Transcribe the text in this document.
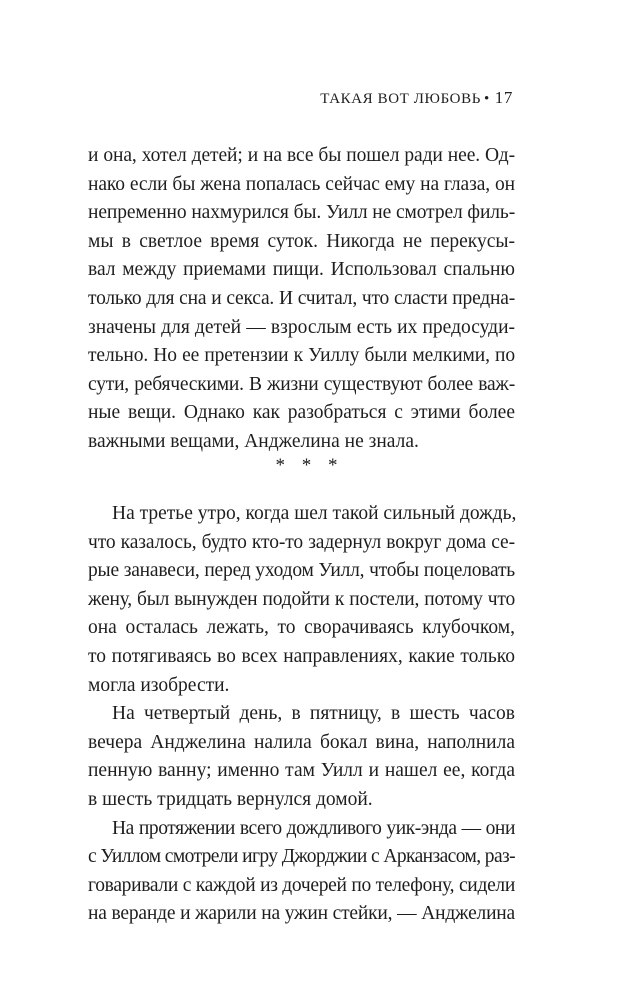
ТАКАЯ ВОТ ЛЮБОВЬ • 17
и она, хотел детей; и на все бы пошел ради нее. Од-
нако если бы жена попалась сейчас ему на глаза, он
непременно нахмурился бы. Уилл не смотрел филь-
мы в светлое время суток. Никогда не перекусы-
вал между приемами пищи. Использовал спальню
только для сна и секса. И считал, что сласти предна-
значены для детей — взрослым есть их предосуди-
тельно. Но ее претензии к Уиллу были мелкими, по
сути, ребяческими. В жизни существуют более важ-
ные вещи. Однако как разобраться с этими более
важными вещами, Анджелина не знала.
* * *
На третье утро, когда шел такой сильный дождь,
что казалось, будто кто-то задернул вокруг дома се-
рые занавеси, перед уходом Уилл, чтобы поцеловать
жену, был вынужден подойти к постели, потому что
она осталась лежать, то сворачиваясь клубочком,
то потягиваясь во всех направлениях, какие только
могла изобрести.
На четвертый день, в пятницу, в шесть часов
вечера Анджелина налила бокал вина, наполнила
пенную ванну; именно там Уилл и нашел ее, когда
в шесть тридцать вернулся домой.
На протяжении всего дождливого уик-энда — они
с Уиллом смотрели игру Джорджии с Арканзасом, раз-
говаривали с каждой из дочерей по телефону, сидели
на веранде и жарили на ужин стейки, — Анджелина
